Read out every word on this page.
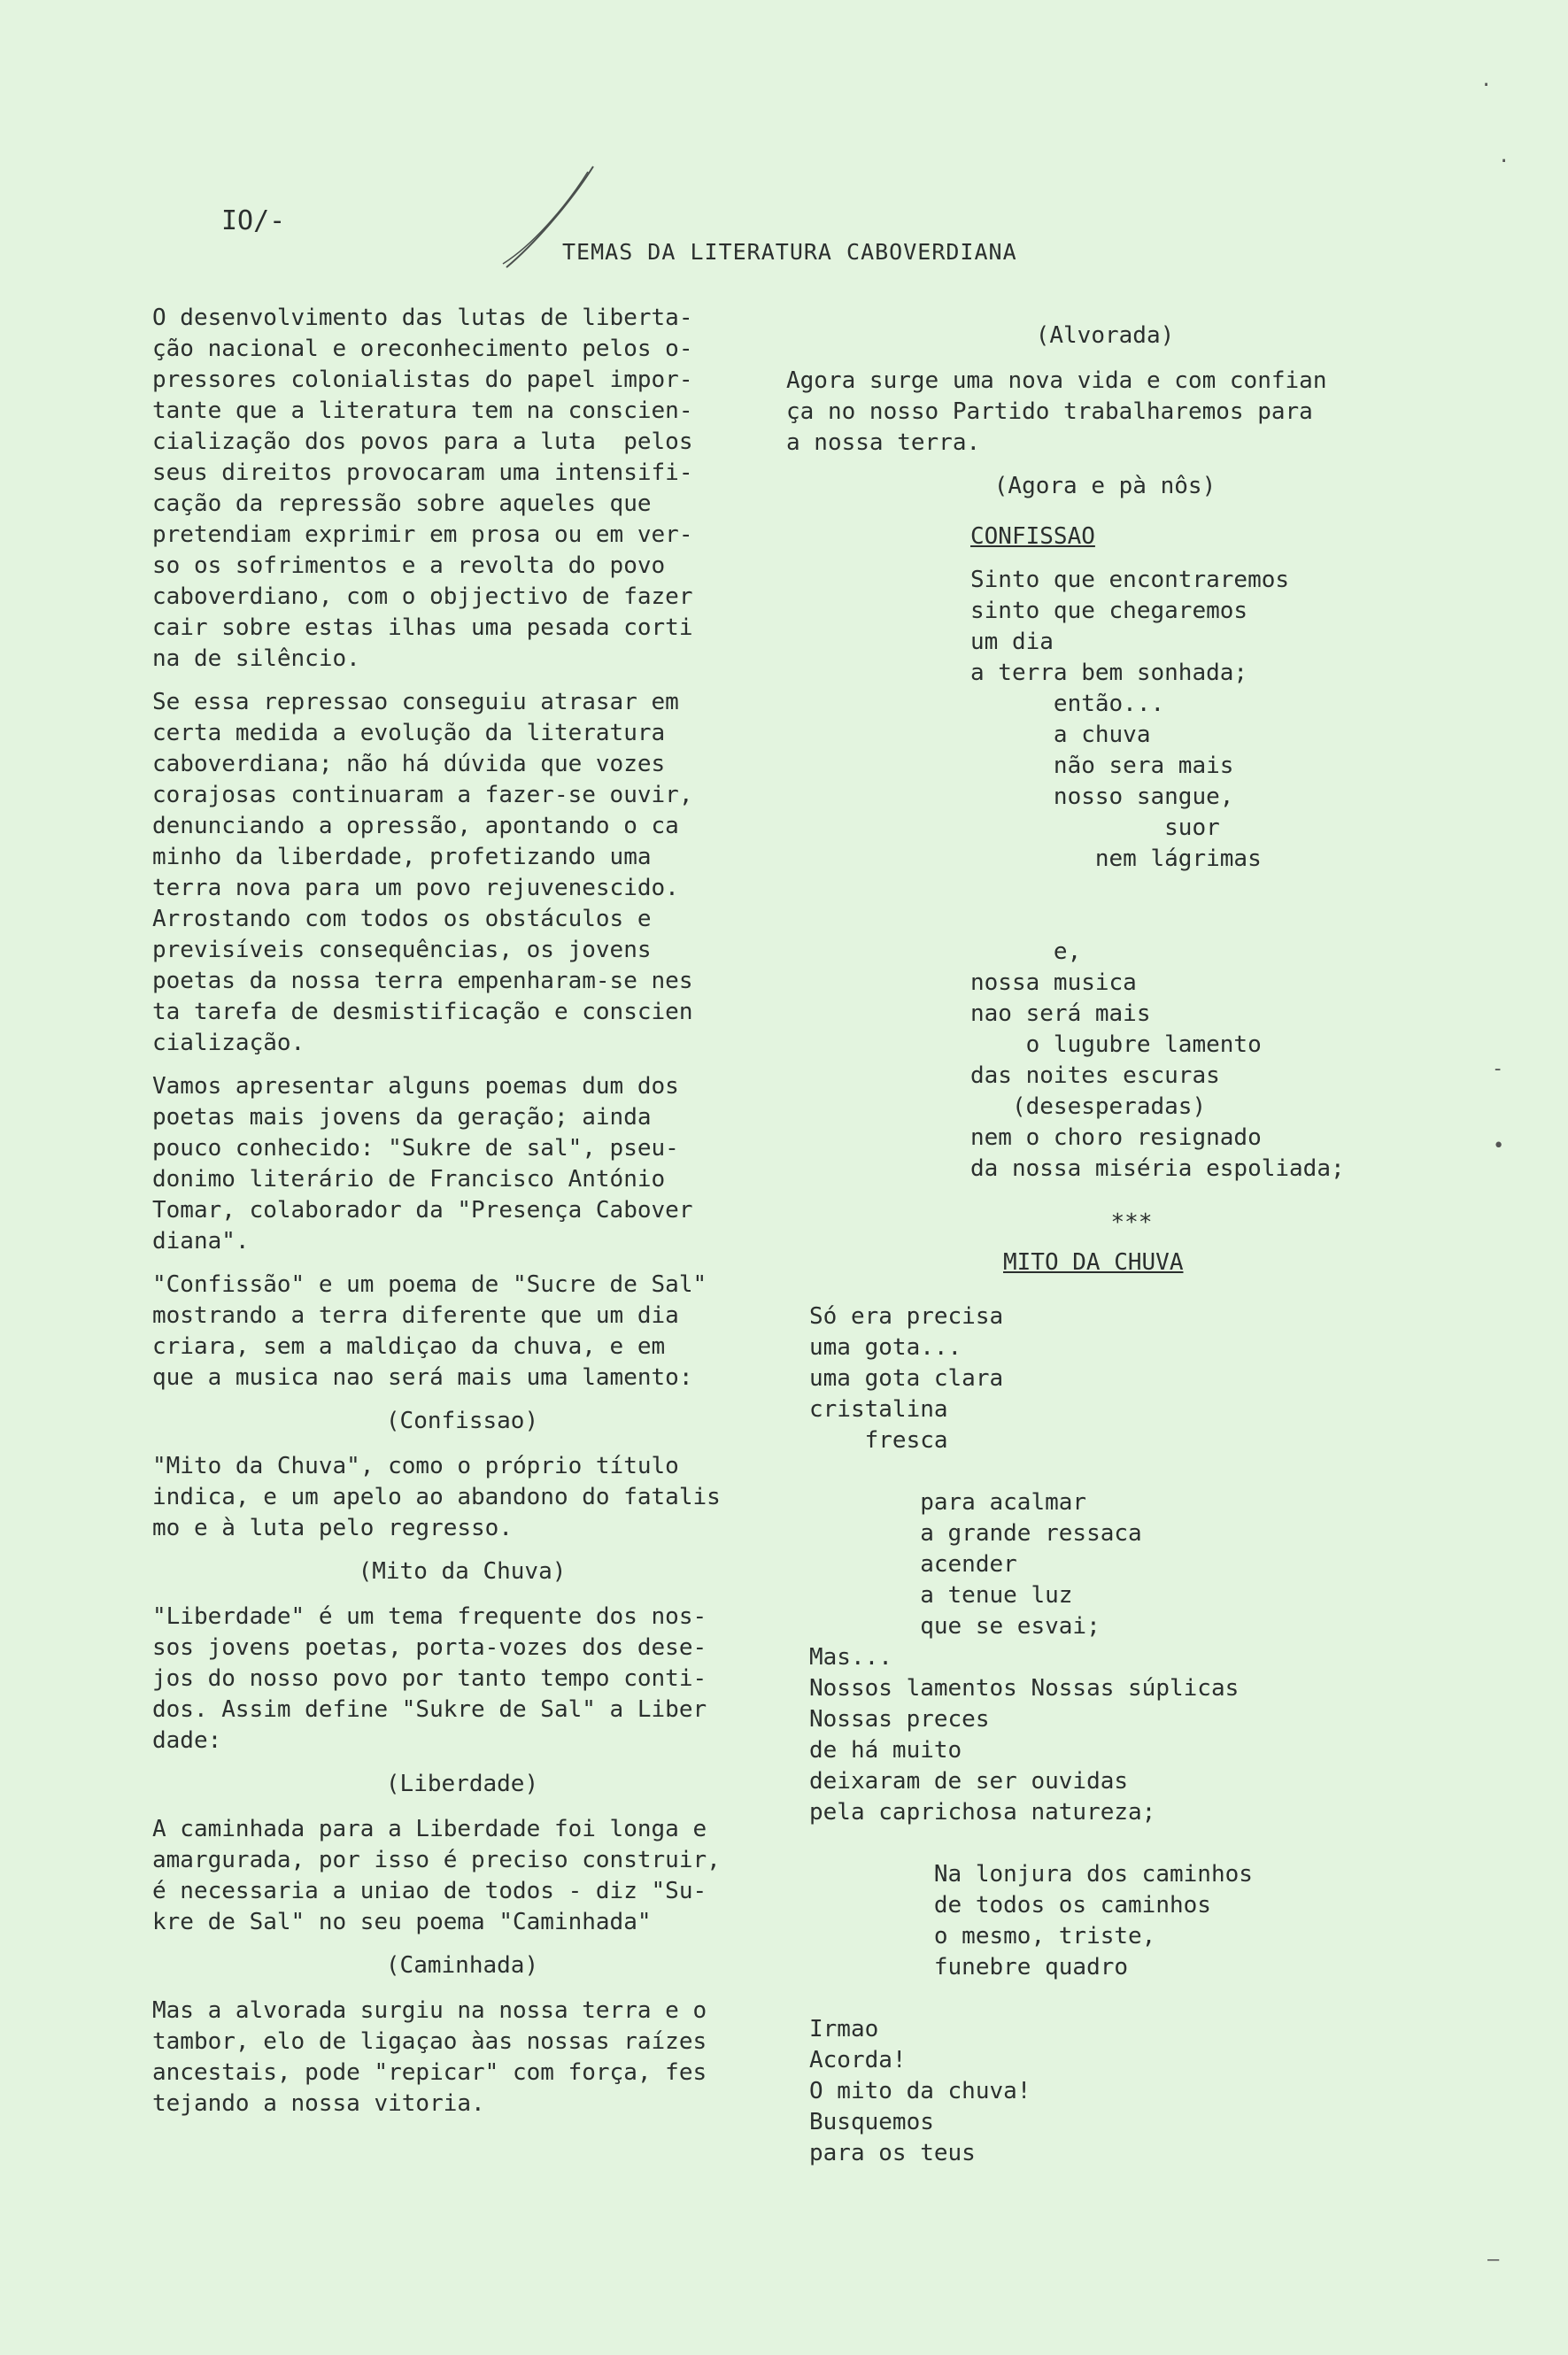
IO/-
TEMAS DA LITERATURA CABOVERDIANA

O desenvolvimento das lutas de liberta-
ção nacional e oreconhecimento pelos o-
pressores colonialistas do papel impor-
tante que a literatura tem na conscien-
cialização dos povos para a luta  pelos
seus direitos provocaram uma intensifi-
cação da repressão sobre aqueles que
pretendiam exprimir em prosa ou em ver-
so os sofrimentos e a revolta do povo
caboverdiano, com o objjectivo de fazer
cair sobre estas ilhas uma pesada corti
na de silêncio.

Se essa repressao conseguiu atrasar em
certa medida a evolução da literatura
caboverdiana; não há dúvida que vozes
corajosas continuaram a fazer-se ouvir,
denunciando a opressão, apontando o ca
minho da liberdade, profetizando uma
terra nova para um povo rejuvenescido.
Arrostando com todos os obstáculos e
previsíveis consequências, os jovens
poetas da nossa terra empenharam-se nes
ta tarefa de desmistificação e conscien
cialização.

Vamos apresentar alguns poemas dum dos
poetas mais jovens da geração; ainda
pouco conhecido: "Sukre de sal", pseu-
donimo literário de Francisco António
Tomar, colaborador da "Presença Cabover
diana".

"Confissão" e um poema de "Sucre de Sal"
mostrando a terra diferente que um dia
criara, sem a maldiçao da chuva, e em
que a musica nao será mais uma lamento:

(Confissao)

"Mito da Chuva", como o próprio título
indica, e um apelo ao abandono do fatalis
mo e à luta pelo regresso.

(Mito da Chuva)

"Liberdade" é um tema frequente dos nos-
sos jovens poetas, porta-vozes dos dese-
jos do nosso povo por tanto tempo conti-
dos. Assim define "Sukre de Sal" a Liber
dade:

(Liberdade)

A caminhada para a Liberdade foi longa e
amargurada, por isso é preciso construir,
é necessaria a uniao de todos - diz "Su-
kre de Sal" no seu poema "Caminhada"

(Caminhada)

Mas a alvorada surgiu na nossa terra e o
tambor, elo de ligaçao àas nossas raízes
ancestais, pode "repicar" com força, fes
tejando a nossa vitoria.

(Alvorada)

Agora surge uma nova vida e com confian
ça no nosso Partido trabalharemos para
a nossa terra.

(Agora e pà nôs)
CONFISSAO
Sinto que encontraremos
sinto que chegaremos
um dia
a terra bem sonhada;
então...
a chuva
não sera mais
nosso sangue,
suor
nem lágrimas
e,
nossa musica
nao será mais
o lugubre lamento
das noites escuras
(desesperadas)
nem o choro resignado
da nossa miséria espoliada;
***
MITO DA CHUVA
Só era precisa
uma gota...
uma gota clara
cristalina
fresca
para acalmar
a grande ressaca
acender
a tenue luz
que se esvai;
Mas...
Nossos lamentos Nossas súplicas
Nossas preces
de há muito
deixaram de ser ouvidas
pela caprichosa natureza;
Na lonjura dos caminhos
de todos os caminhos
o mesmo, triste,
funebre quadro
Irmao
Acorda!
O mito da chuva!
Busquemos
para os teus
·
·
-
•
—
